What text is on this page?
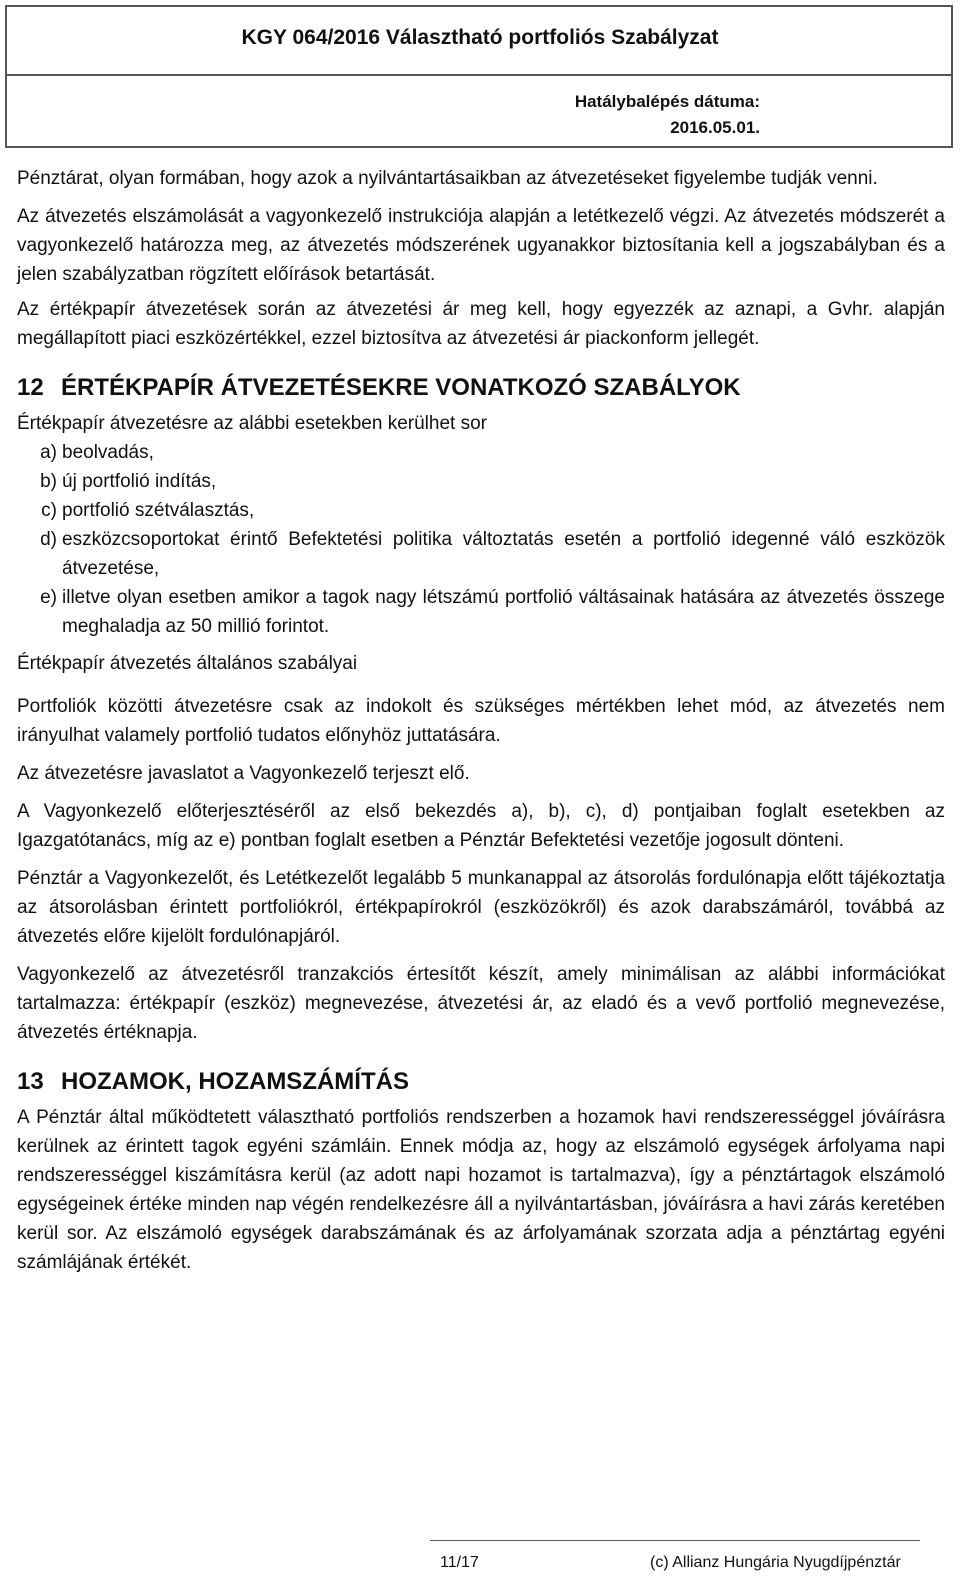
KGY 064/2016 Választható portfoliós Szabályzat
Hatálybalépés dátuma:
2016.05.01.

Pénztárat, olyan formában, hogy azok a nyilvántartásaikban az átvezetéseket figyelembe tudják venni.

Az átvezetés elszámolását a vagyonkezelő instrukciója alapján a letétkezelő végzi. Az átvezetés módszerét a vagyonkezelő határozza meg, az átvezetés módszerének ugyanakkor biztosítania kell a jogszabályban és a jelen szabályzatban rögzített előírások betartását.

Az értékpapír átvezetések során az átvezetési ár meg kell, hogy egyezzék az aznapi, a Gvhr. alapján megállapított piaci eszközértékkel, ezzel biztosítva az átvezetési ár piackonform jellegét.

12 ÉRTÉKPAPÍR ÁTVEZETÉSEKRE VONATKOZÓ SZABÁLYOK

Értékpapír átvezetésre az alábbi esetekben kerülhet sor

a) beolvadás,
b) új portfolió indítás,
c) portfolió szétválasztás,
d) eszközcsoportokat érintő Befektetési politika változtatás esetén a portfolió idegenné váló eszközök átvezetése,
e) illetve olyan esetben amikor a tagok nagy létszámú portfolió váltásainak hatására az átvezetés összege meghaladja az 50 millió forintot.

Értékpapír átvezetés általános szabályai

Portfoliók közötti átvezetésre csak az indokolt és szükséges mértékben lehet mód, az átvezetés nem irányulhat valamely portfolió tudatos előnyhöz juttatására.

Az átvezetésre javaslatot a Vagyonkezelő terjeszt elő.

A Vagyonkezelő előterjesztéséről az első bekezdés a), b), c), d) pontjaiban foglalt esetekben az Igazgatótanács, míg az e) pontban foglalt esetben a Pénztár Befektetési vezetője jogosult dönteni.

Pénztár a Vagyonkezelőt, és Letétkezelőt legalább 5 munkanappal az átsorolás fordulónapja előtt tájékoztatja az átsorolásban érintett portfoliókról, értékpapírokról (eszközökről) és azok darabszámáról, továbbá az átvezetés előre kijelölt fordulónapjáról.

Vagyonkezelő az átvezetésről tranzakciós értesítőt készít, amely minimálisan az alábbi információkat tartalmazza: értékpapír (eszköz) megnevezése, átvezetési ár, az eladó és a vevő portfolió megnevezése, átvezetés értéknapja.

13 HOZAMOK, HOZAMSZÁMÍTÁS

A Pénztár által működtetett választható portfoliós rendszerben a hozamok havi rendszerességgel jóváírásra kerülnek az érintett tagok egyéni számláin. Ennek módja az, hogy az elszámoló egységek árfolyama napi rendszerességgel kiszámításra kerül (az adott napi hozamot is tartalmazva), így a pénztártagok elszámoló egységeinek értéke minden nap végén rendelkezésre áll a nyilvántartásban, jóváírásra a havi zárás keretében kerül sor. Az elszámoló egységek darabszámának és az árfolyamának szorzata adja a pénztártag egyéni számlájának értékét.

11/17	(c) Allianz Hungária Nyugdíjpénztár
